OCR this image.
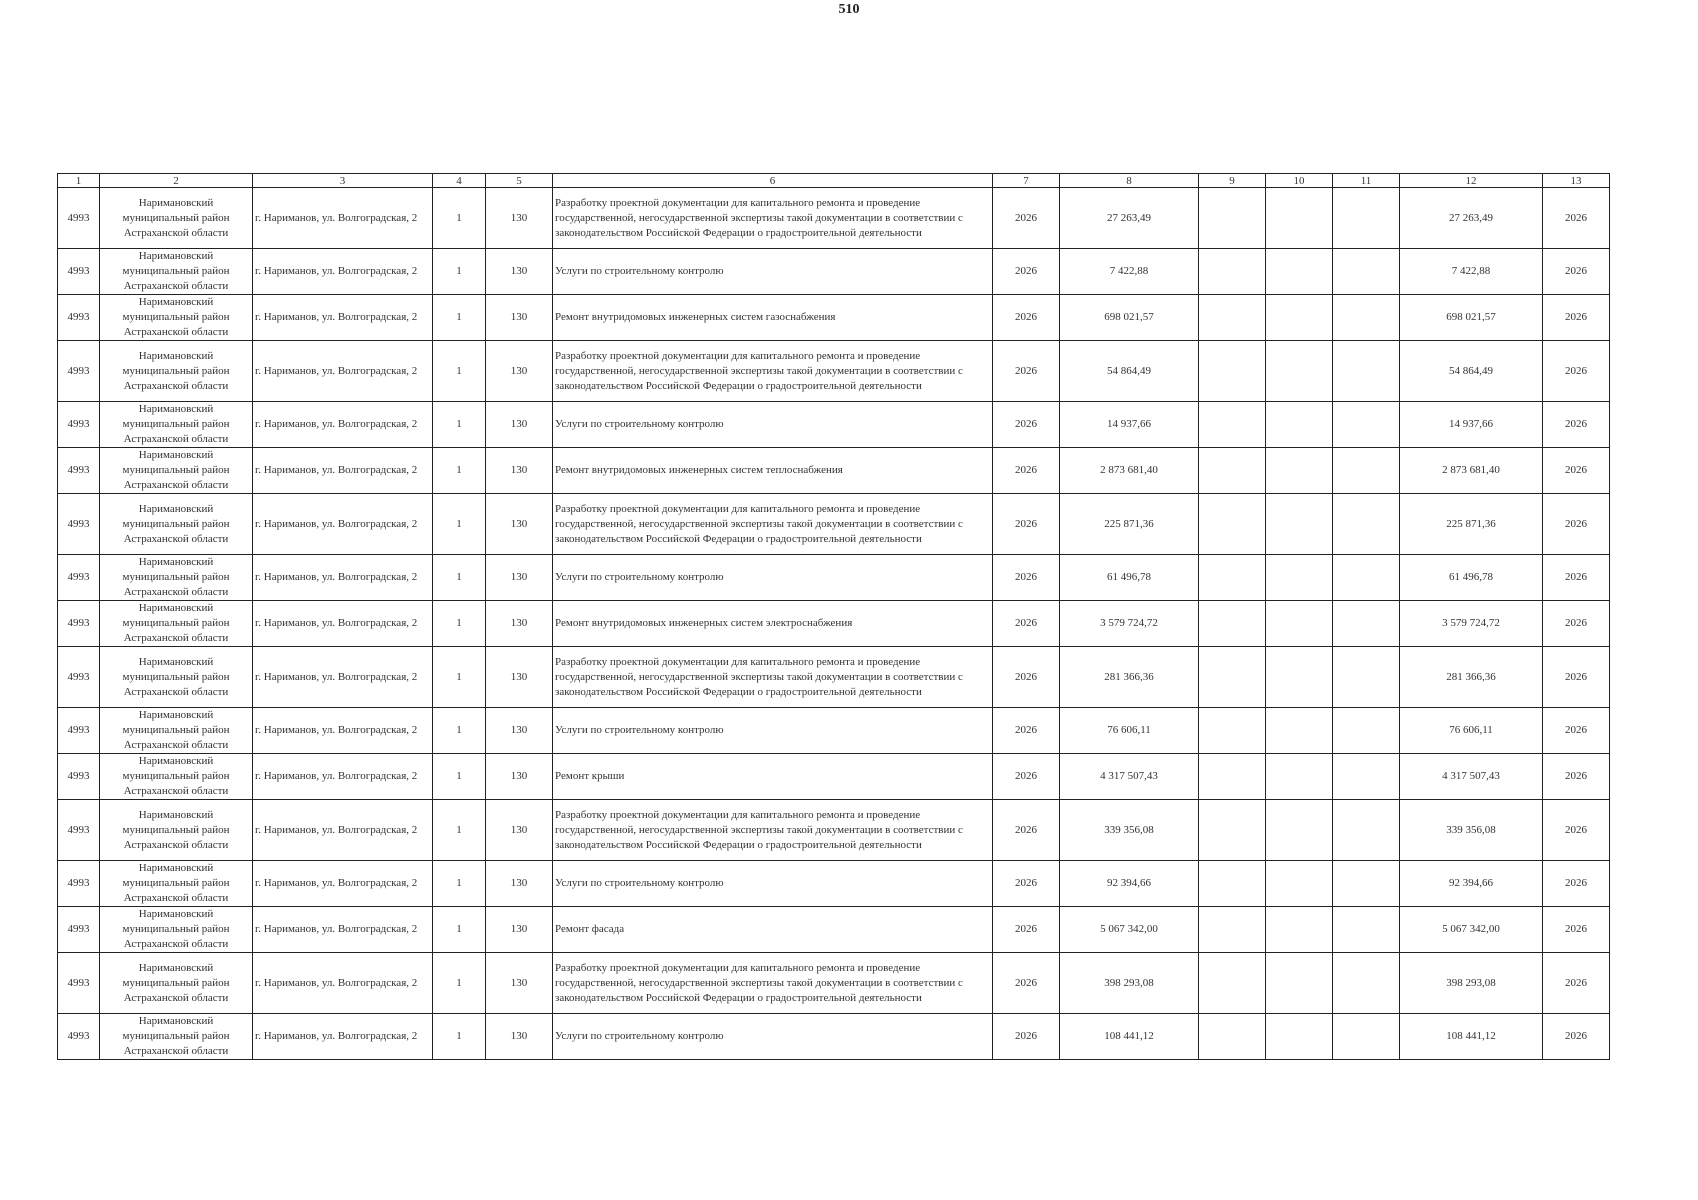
510
1	2	3	4	5	6	7	8	9	10	11	12	13
4993	Наримановский муниципальный район Астраханской области	г. Нариманов, ул. Волгоградская, 2	1	130	Разработку проектной документации для капитального ремонта и проведение государственной, негосударственной экспертизы такой документации в соответствии с законодательством Российской Федерации о градостроительной деятельности	2026	27 263,49				27 263,49	2026
4993	Наримановский муниципальный район Астраханской области	г. Нариманов, ул. Волгоградская, 2	1	130	Услуги по строительному контролю	2026	7 422,88				7 422,88	2026
4993	Наримановский муниципальный район Астраханской области	г. Нариманов, ул. Волгоградская, 2	1	130	Ремонт внутридомовых инженерных систем газоснабжения	2026	698 021,57				698 021,57	2026
4993	Наримановский муниципальный район Астраханской области	г. Нариманов, ул. Волгоградская, 2	1	130	Разработку проектной документации для капитального ремонта и проведение государственной, негосударственной экспертизы такой документации в соответствии с законодательством Российской Федерации о градостроительной деятельности	2026	54 864,49				54 864,49	2026
4993	Наримановский муниципальный район Астраханской области	г. Нариманов, ул. Волгоградская, 2	1	130	Услуги по строительному контролю	2026	14 937,66				14 937,66	2026
4993	Наримановский муниципальный район Астраханской области	г. Нариманов, ул. Волгоградская, 2	1	130	Ремонт внутридомовых инженерных систем теплоснабжения	2026	2 873 681,40				2 873 681,40	2026
4993	Наримановский муниципальный район Астраханской области	г. Нариманов, ул. Волгоградская, 2	1	130	Разработку проектной документации для капитального ремонта и проведение государственной, негосударственной экспертизы такой документации в соответствии с законодательством Российской Федерации о градостроительной деятельности	2026	225 871,36				225 871,36	2026
4993	Наримановский муниципальный район Астраханской области	г. Нариманов, ул. Волгоградская, 2	1	130	Услуги по строительному контролю	2026	61 496,78				61 496,78	2026
4993	Наримановский муниципальный район Астраханской области	г. Нариманов, ул. Волгоградская, 2	1	130	Ремонт внутридомовых инженерных систем электроснабжения	2026	3 579 724,72				3 579 724,72	2026
4993	Наримановский муниципальный район Астраханской области	г. Нариманов, ул. Волгоградская, 2	1	130	Разработку проектной документации для капитального ремонта и проведение государственной, негосударственной экспертизы такой документации в соответствии с законодательством Российской Федерации о градостроительной деятельности	2026	281 366,36				281 366,36	2026
4993	Наримановский муниципальный район Астраханской области	г. Нариманов, ул. Волгоградская, 2	1	130	Услуги по строительному контролю	2026	76 606,11				76 606,11	2026
4993	Наримановский муниципальный район Астраханской области	г. Нариманов, ул. Волгоградская, 2	1	130	Ремонт крыши	2026	4 317 507,43				4 317 507,43	2026
4993	Наримановский муниципальный район Астраханской области	г. Нариманов, ул. Волгоградская, 2	1	130	Разработку проектной документации для капитального ремонта и проведение государственной, негосударственной экспертизы такой документации в соответствии с законодательством Российской Федерации о градостроительной деятельности	2026	339 356,08				339 356,08	2026
4993	Наримановский муниципальный район Астраханской области	г. Нариманов, ул. Волгоградская, 2	1	130	Услуги по строительному контролю	2026	92 394,66				92 394,66	2026
4993	Наримановский муниципальный район Астраханской области	г. Нариманов, ул. Волгоградская, 2	1	130	Ремонт фасада	2026	5 067 342,00				5 067 342,00	2026
4993	Наримановский муниципальный район Астраханской области	г. Нариманов, ул. Волгоградская, 2	1	130	Разработку проектной документации для капитального ремонта и проведение государственной, негосударственной экспертизы такой документации в соответствии с законодательством Российской Федерации о градостроительной деятельности	2026	398 293,08				398 293,08	2026
4993	Наримановский муниципальный район Астраханской области	г. Нариманов, ул. Волгоградская, 2	1	130	Услуги по строительному контролю	2026	108 441,12				108 441,12	2026
